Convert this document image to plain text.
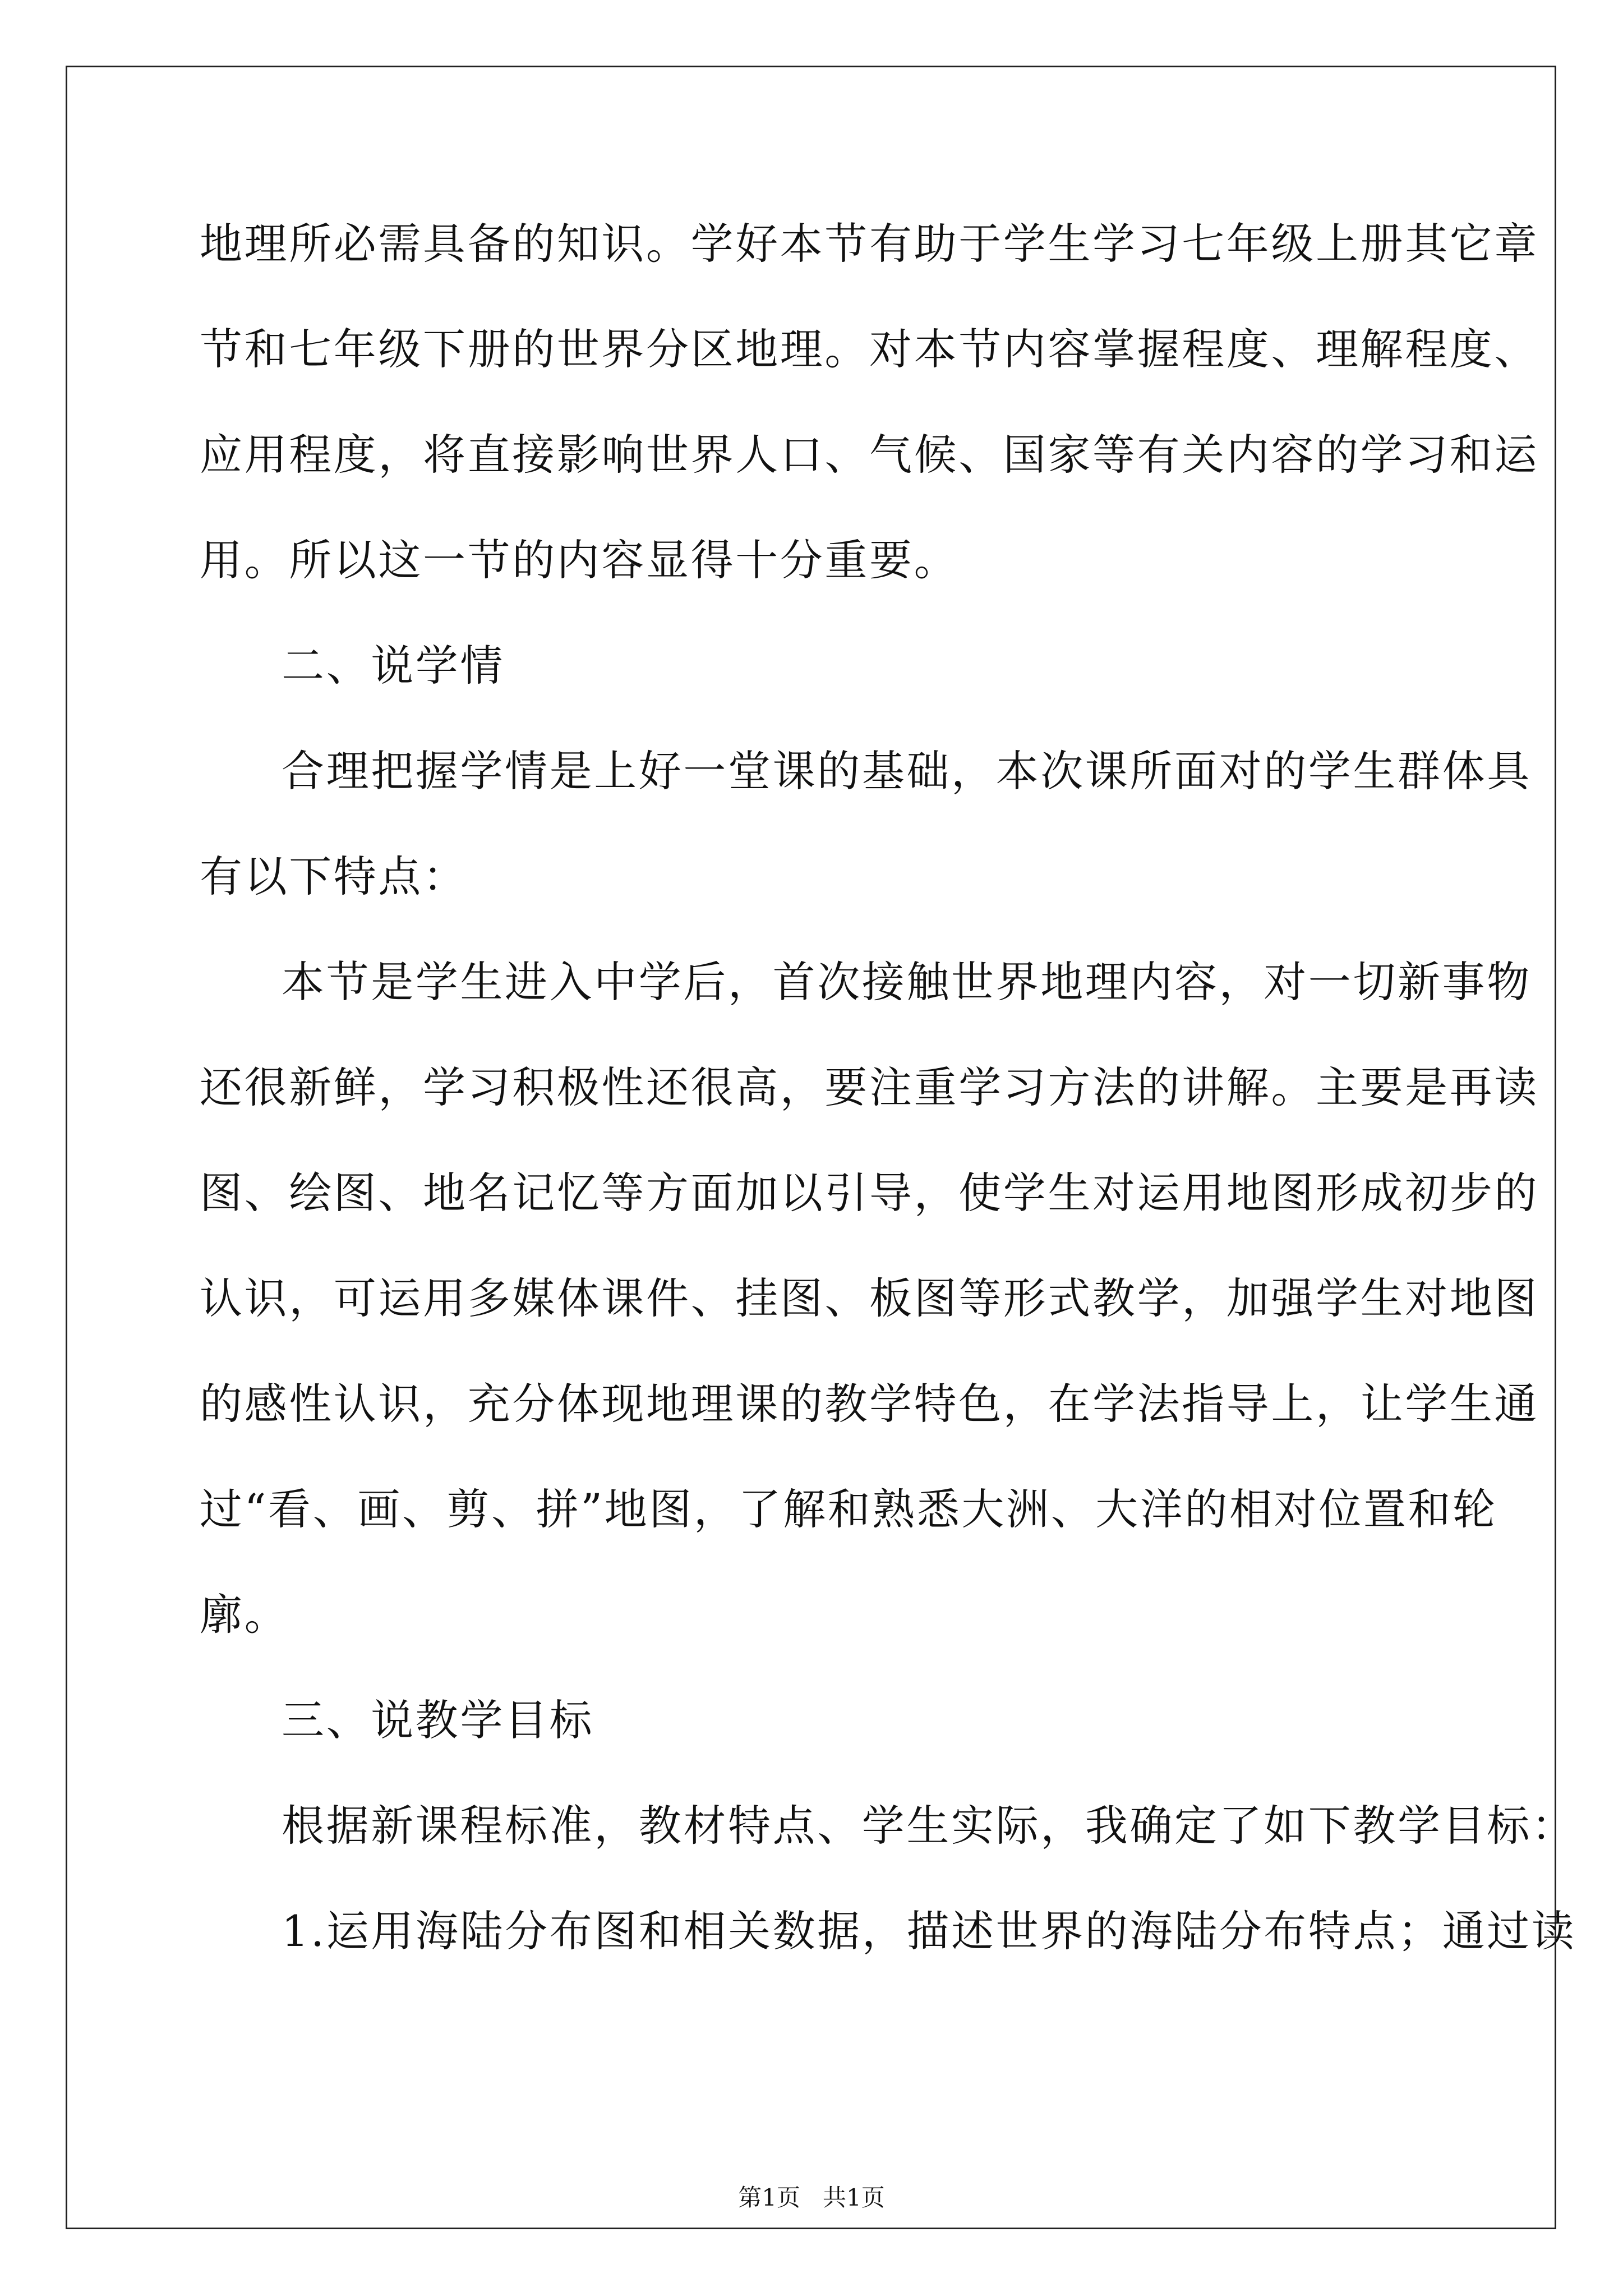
地理所必需具备的知识。学好本节有助于学生学习七年级上册其它章
节和七年级下册的世界分区地理。对本节内容掌握程度、理解程度、
应用程度，将直接影响世界人口、气候、国家等有关内容的学习和运
用。所以这一节的内容显得十分重要。
二、说学情
合理把握学情是上好一堂课的基础，本次课所面对的学生群体具
有以下特点：
本节是学生进入中学后，首次接触世界地理内容，对一切新事物
还很新鲜，学习积极性还很高，要注重学习方法的讲解。主要是再读
图、绘图、地名记忆等方面加以引导，使学生对运用地图形成初步的
认识，可运用多媒体课件、挂图、板图等形式教学，加强学生对地图
的感性认识，充分体现地理课的教学特色，在学法指导上，让学生通
过“看、画、剪、拼”地图，了解和熟悉大洲、大洋的相对位置和轮
廓。
三、说教学目标
根据新课程标准，教材特点、学生实际，我确定了如下教学目标：
1.运用海陆分布图和相关数据，描述世界的海陆分布特点；通过读
第1页   共1页
